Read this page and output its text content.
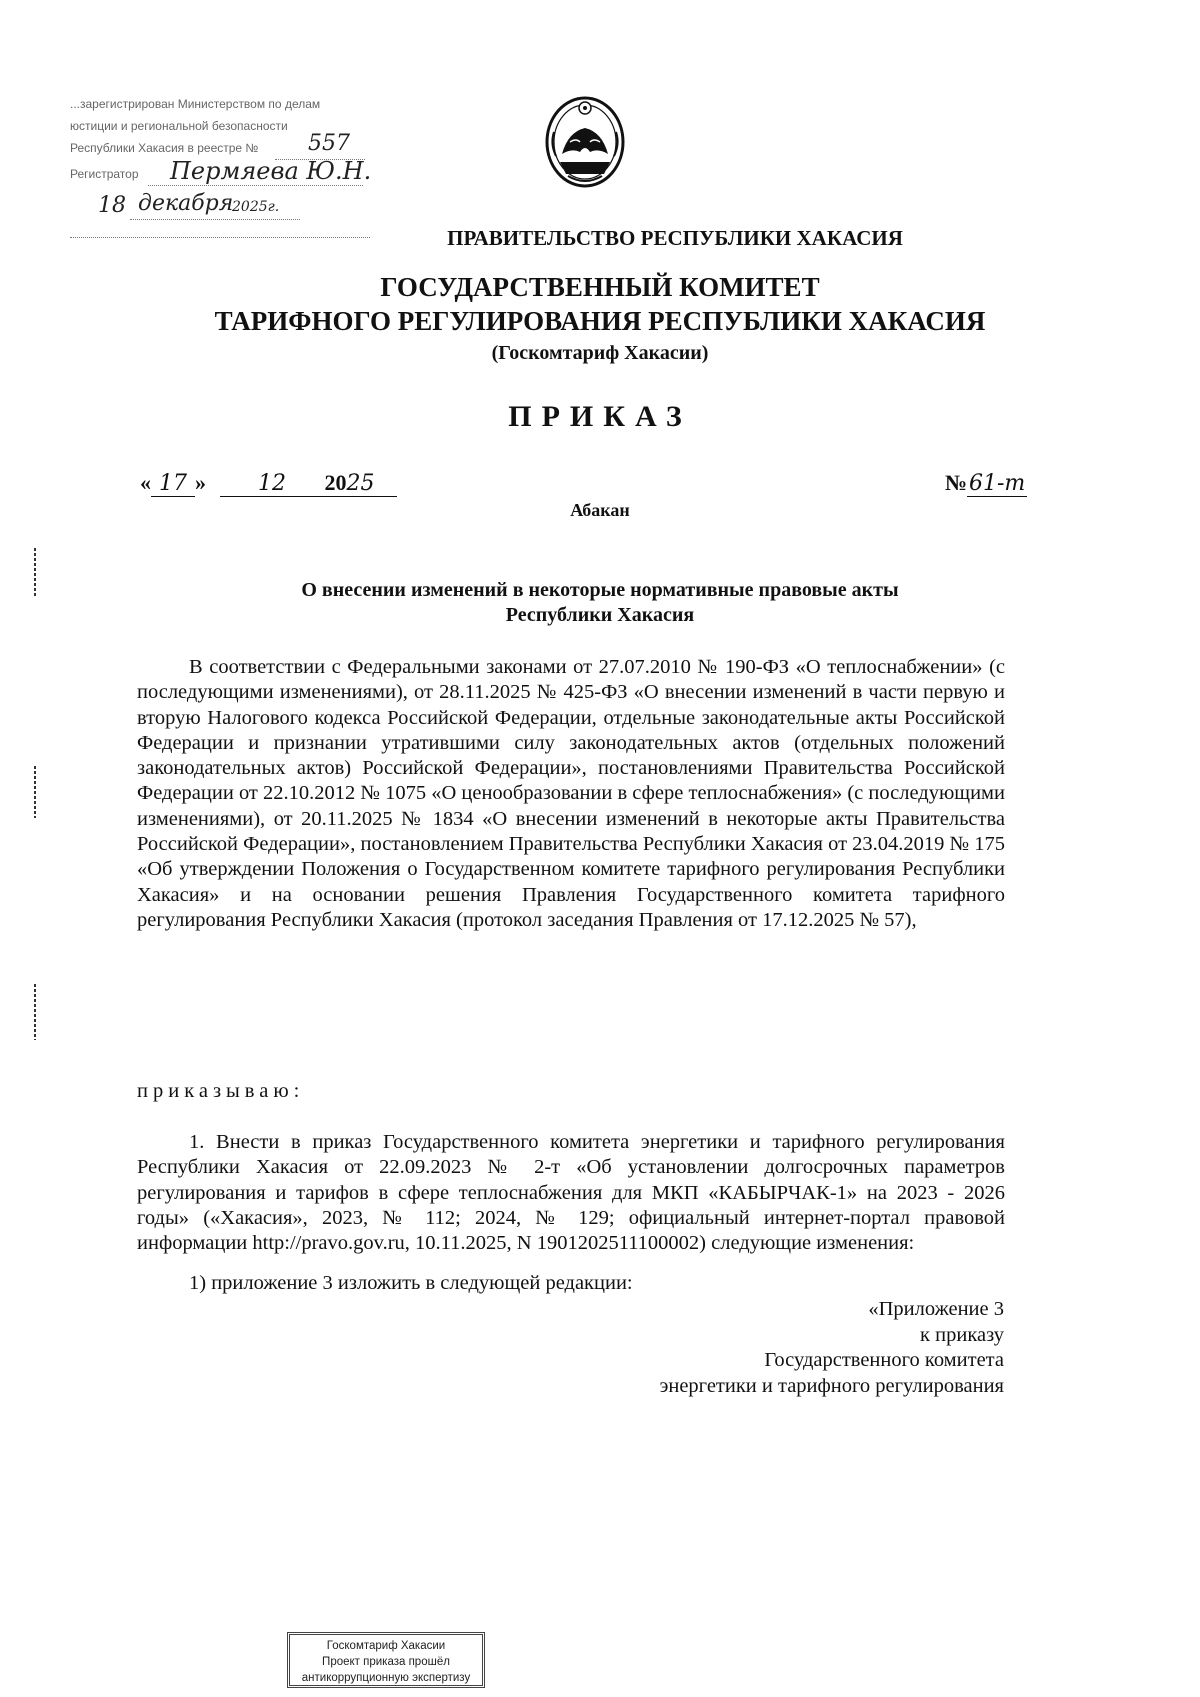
...зарегистрирован Министерством по делам
юстиции и региональной безопасности
Республики Хакасия в реестре № 557
Регистратор Пермяева Ю.Н.
18 декабря
2025г.
ПРАВИТЕЛЬСТВО РЕСПУБЛИКИ ХАКАСИЯ
ГОСУДАРСТВЕННЫЙ КОМИТЕТ
ТАРИФНОГО РЕГУЛИРОВАНИЯ РЕСПУБЛИКИ ХАКАСИЯ
(Госкомтариф Хакасии)
ПРИКАЗ
« 17 » 12 2025	№61-т
Абакан
О внесении изменений в некоторые нормативные правовые акты
Республики Хакасия
В соответствии с Федеральными законами от 27.07.2010 № 190-ФЗ «О теплоснабжении» (с последующими изменениями), от 28.11.2025 № 425-ФЗ «О внесении изменений в части первую и вторую Налогового кодекса Российской Федерации, отдельные законодательные акты Российской Федерации и признании утратившими силу законодательных актов (отдельных положений законодательных актов) Российской Федерации», постановлениями Правительства Российской Федерации от 22.10.2012 № 1075 «О ценообразовании в сфере теплоснабжения» (с последующими изменениями), от 20.11.2025 № 1834 «О внесении изменений в некоторые акты Правительства Российской Федерации», постановлением Правительства Республики Хакасия от 23.04.2019 № 175 «Об утверждении Положения о Государственном комитете тарифного регулирования Республики Хакасия» и на основании решения Правления Государственного комитета тарифного регулирования Республики Хакасия (протокол заседания Правления от 17.12.2025 № 57),
приказываю:
1. Внести в приказ Государственного комитета энергетики и тарифного регулирования Республики Хакасия от 22.09.2023 № 2-т «Об установлении долгосрочных параметров регулирования и тарифов в сфере теплоснабжения для МКП «КАБЫРЧАК-1» на 2023 - 2026 годы» («Хакасия», 2023, № 112; 2024, № 129; официальный интернет-портал правовой информации http://pravo.gov.ru, 10.11.2025, N 1901202511100002) следующие изменения:
1) приложение 3 изложить в следующей редакции:
«Приложение 3
к приказу
Государственного комитета
энергетики и тарифного регулирования
Госкомтариф Хакасии
Проект приказа прошёл
антикоррупционную экспертизу
